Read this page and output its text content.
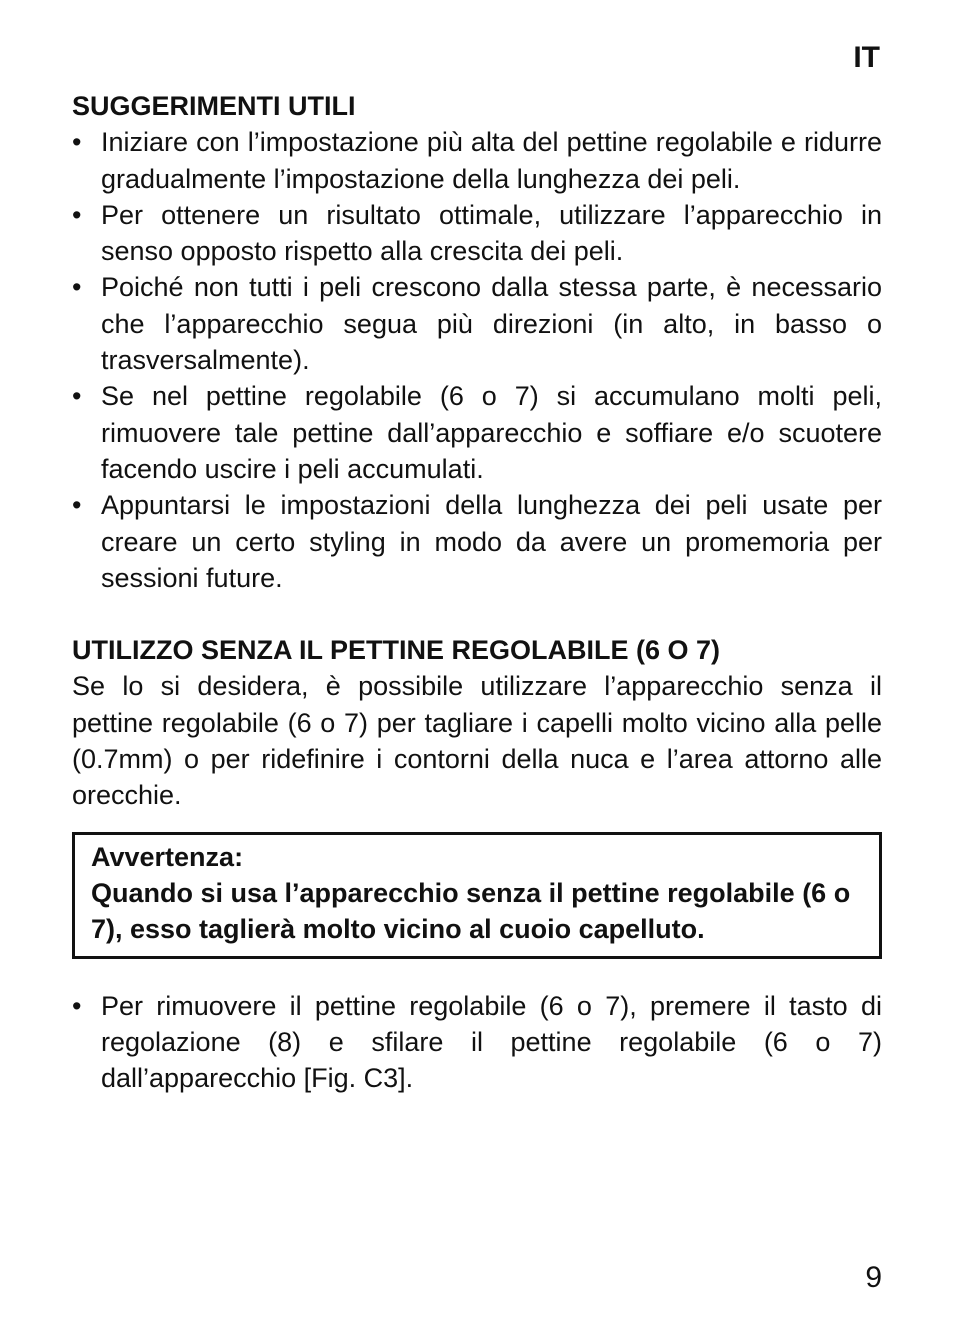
IT
SUGGERIMENTI UTILI
• Iniziare con l’impostazione più alta del pettine regolabile e ridurre gradualmente l’impostazione della lunghezza dei peli.
• Per ottenere un risultato ottimale, utilizzare l’apparecchio in senso opposto rispetto alla crescita dei peli.
• Poiché non tutti i peli crescono dalla stessa parte, è necessario che l’apparecchio segua più direzioni (in alto, in basso o trasversalmente).
• Se nel pettine regolabile (6 o 7) si accumulano molti peli, rimuovere tale pettine dall’apparecchio e soffiare e/o scuotere facendo uscire i peli accumulati.
• Appuntarsi le impostazioni della lunghezza dei peli usate per creare un certo styling in modo da avere un promemoria per sessioni future.
UTILIZZO SENZA IL PETTINE REGOLABILE (6 O 7)

Se lo si desidera, è possibile utilizzare l’apparecchio senza il pettine regolabile (6 o 7) per tagliare i capelli molto vicino alla pelle (0.7mm) o per ridefinire i contorni della nuca e l’area attorno alle orecchie.

Avvertenza:
Quando si usa l’apparecchio senza il pettine regolabile (6 o 7), esso taglierà molto vicino al cuoio capelluto.
• Per rimuovere il pettine regolabile (6 o 7), premere il tasto di regolazione (8) e sfilare il pettine regolabile (6 o 7) dall’apparecchio [Fig. C3].
9
